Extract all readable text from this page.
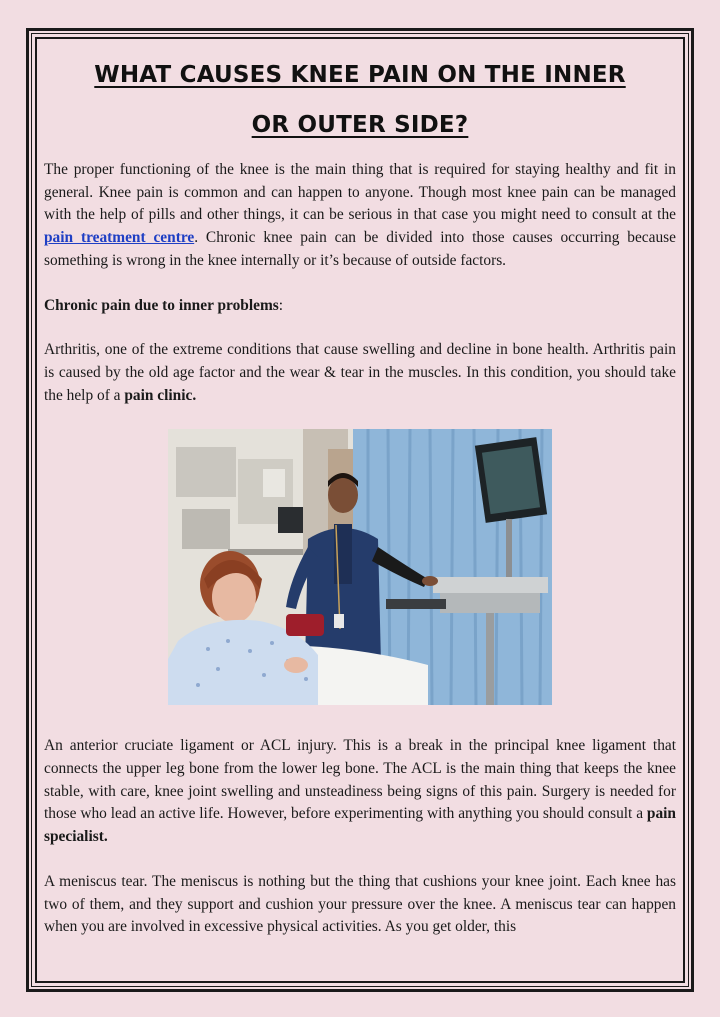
WHAT CAUSES KNEE PAIN ON THE INNER
OR OUTER SIDE?

The proper functioning of the knee is the main thing that is required for staying healthy and fit in general. Knee pain is common and can happen to anyone. Though most knee pain can be managed with the help of pills and other things, it can be serious in that case you might need to consult at the pain treatment centre. Chronic knee pain can be divided into those causes occurring because something is wrong in the knee internally or it’s because of outside factors.

Chronic pain due to inner problems:

Arthritis, one of the extreme conditions that cause swelling and decline in bone health. Arthritis pain is caused by the old age factor and the wear & tear in the muscles. In this condition, you should take the help of a pain clinic.

An anterior cruciate ligament or ACL injury. This is a break in the principal knee ligament that connects the upper leg bone from the lower leg bone. The ACL is the main thing that keeps the knee stable, with care, knee joint swelling and unsteadiness being signs of this pain. Surgery is needed for those who lead an active life. However, before experimenting with anything you should consult a pain specialist.

A meniscus tear. The meniscus is nothing but the thing that cushions your knee joint. Each knee has two of them, and they support and cushion your pressure over the knee. A meniscus tear can happen when you are involved in excessive physical activities. As you get older, this
